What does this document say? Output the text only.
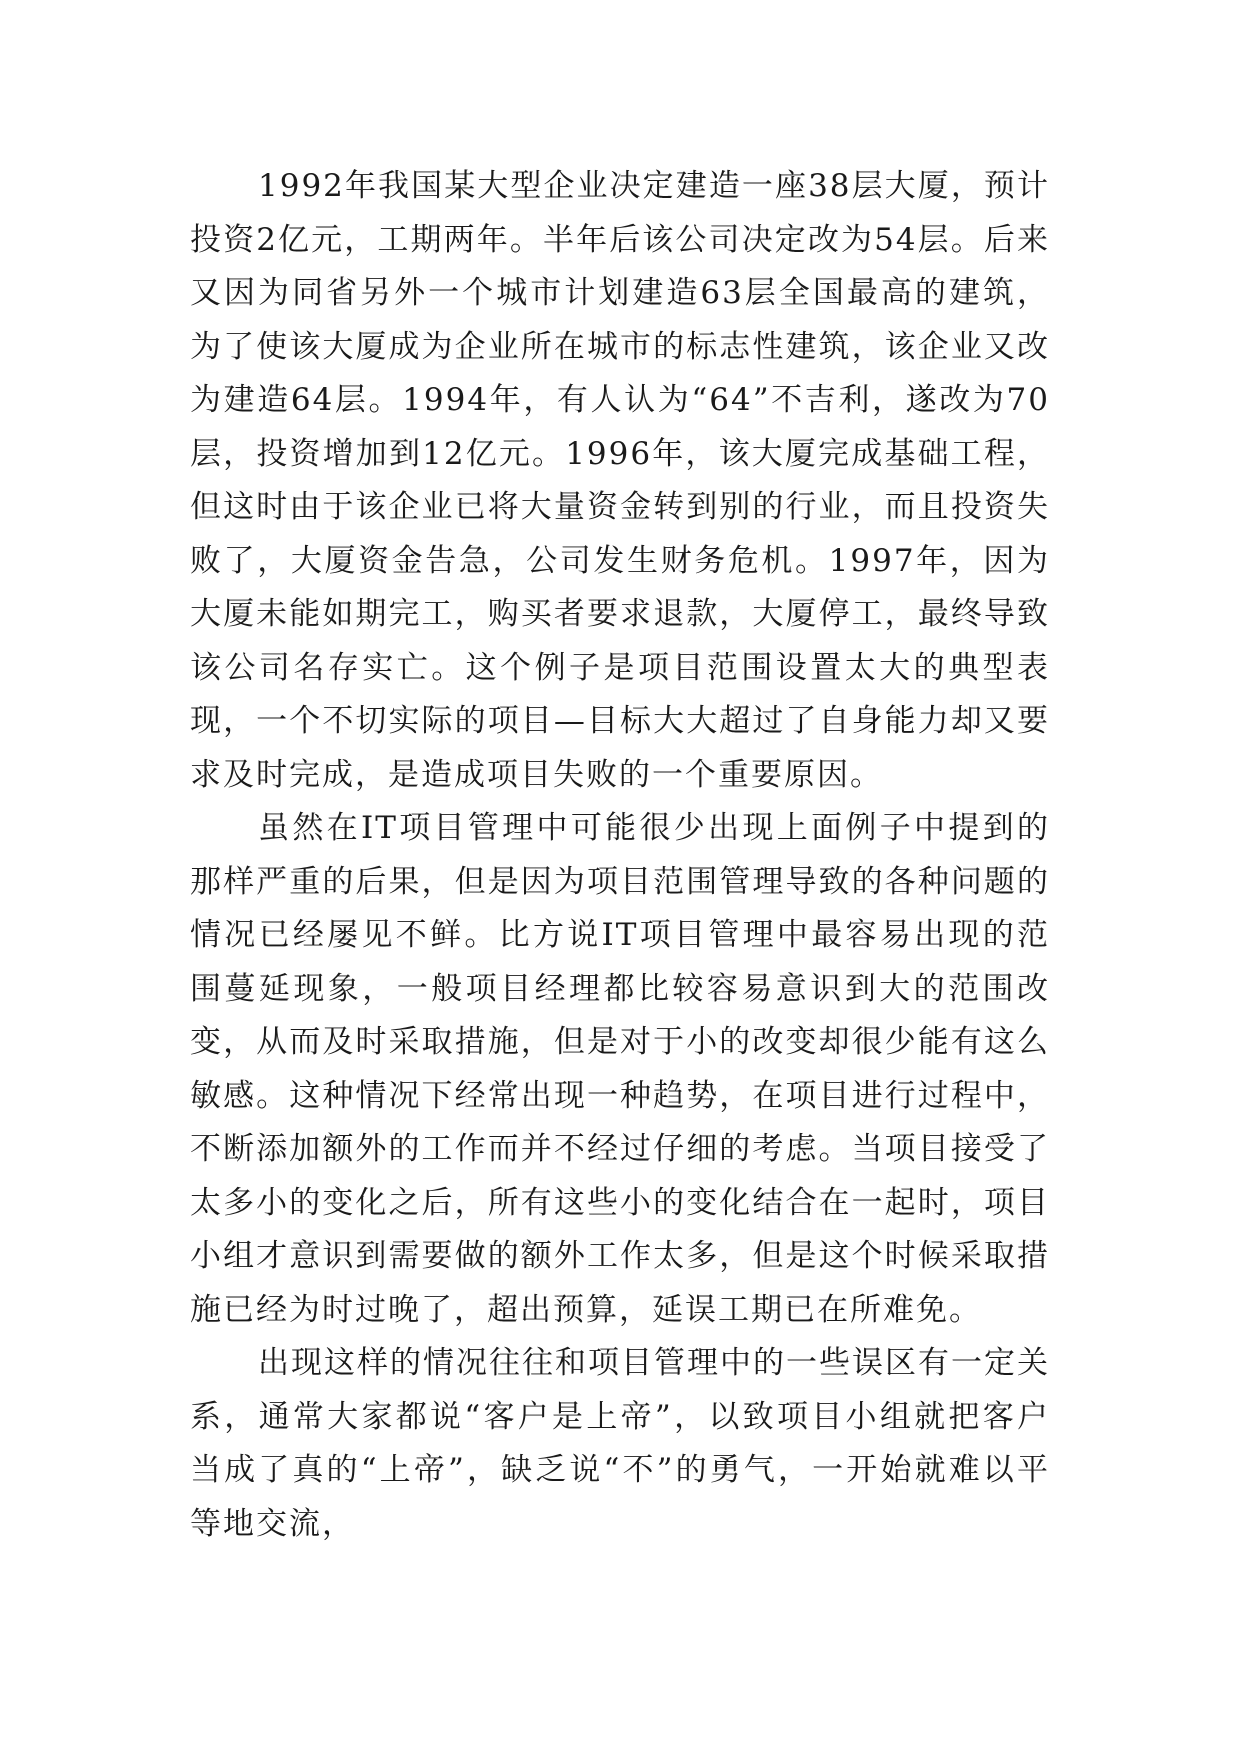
1992年我国某大型企业决定建造一座38层大厦，预计投资2亿元，工期两年。半年后该公司决定改为54层。后来又因为同省另外一个城市计划建造63层全国最高的建筑，为了使该大厦成为企业所在城市的标志性建筑，该企业又改为建造64层。1994年，有人认为“64”不吉利，遂改为70层，投资增加到12亿元。1996年，该大厦完成基础工程，但这时由于该企业已将大量资金转到别的行业，而且投资失败了，大厦资金告急，公司发生财务危机。1997年，因为大厦未能如期完工，购买者要求退款，大厦停工，最终导致该公司名存实亡。这个例子是项目范围设置太大的典型表现，一个不切实际的项目—目标大大超过了自身能力却又要求及时完成，是造成项目失败的一个重要原因。

虽然在IT项目管理中可能很少出现上面例子中提到的那样严重的后果，但是因为项目范围管理导致的各种问题的情况已经屡见不鲜。比方说IT项目管理中最容易出现的范围蔓延现象，一般项目经理都比较容易意识到大的范围改变，从而及时采取措施，但是对于小的改变却很少能有这么敏感。这种情况下经常出现一种趋势，在项目进行过程中，不断添加额外的工作而并不经过仔细的考虑。当项目接受了太多小的变化之后，所有这些小的变化结合在一起时，项目小组才意识到需要做的额外工作太多，但是这个时候采取措施已经为时过晚了，超出预算，延误工期已在所难免。

出现这样的情况往往和项目管理中的一些误区有一定关系，通常大家都说“客户是上帝”，以致项目小组就把客户当成了真的“上帝”，缺乏说“不”的勇气，一开始就难以平等地交流，
